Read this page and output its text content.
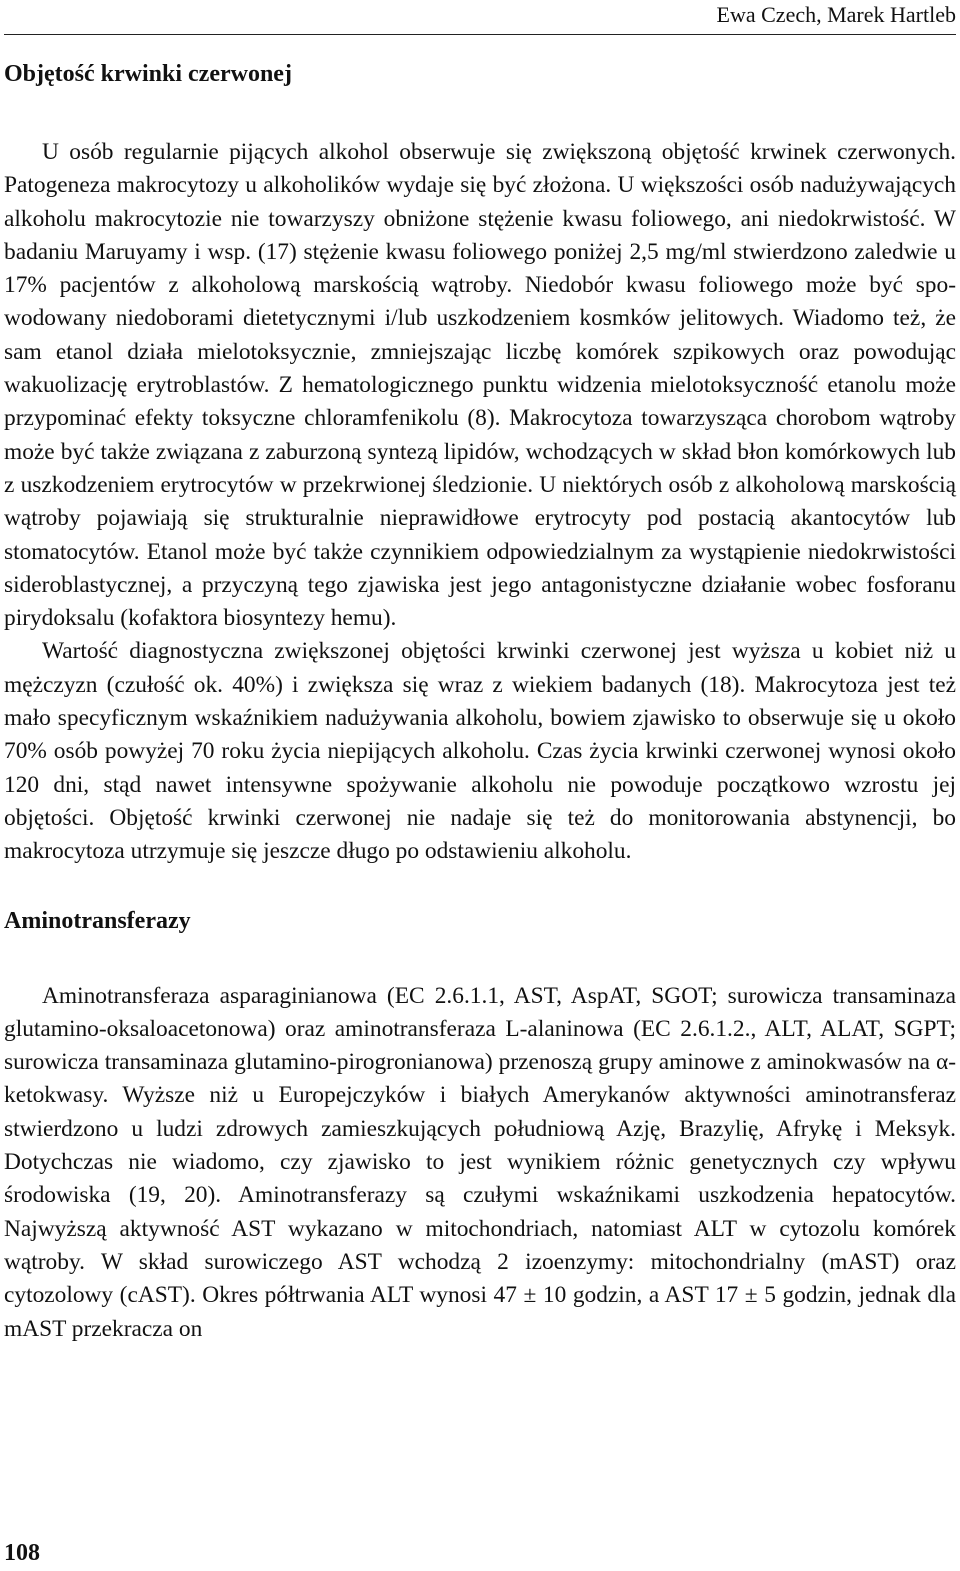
Ewa Czech, Marek Hartleb
Objętość krwinki czerwonej

U osób regularnie pijących alkohol obserwuje się zwiększoną objętość krwinek czerwonych. Patogeneza makrocytozy u alkoholików wydaje się być złożona. U większości osób nadużywających alkoholu makrocytozie nie towarzyszy obniżone stężenie kwasu foliowego, ani niedokrwistość. W badaniu Maruyamy i wsp. (17) stężenie kwasu foliowego poniżej 2,5 mg/ml stwierdzono zaledwie u 17% pacjentów z alkoholową marskością wątroby. Niedobór kwasu foliowego może być spowodowany niedoborami dietetycznymi i/lub uszkodzeniem kosmków jelitowych. Wiadomo też, że sam etanol działa mielotoksycznie, zmniejszając liczbę komórek szpikowych oraz powodując wakuolizację erytroblastów. Z hematologicznego punktu widzenia mielotoksyczność etanolu może przypominać efekty toksyczne chloramfenikolu (8). Makrocytoza towarzysząca chorobom wątroby może być także związana z zaburzoną syntezą lipidów, wchodzących w skład błon komórkowych lub z uszkodzeniem erytrocytów w przekrwionej śledzionie. U niektórych osób z alkoholową marskością wątroby pojawiają się strukturalnie nieprawidłowe erytrocyty pod postacią akantocytów lub stomatocytów. Etanol może być także czynnikiem odpowiedzialnym za wystąpienie niedokrwistości sideroblastycznej, a przyczyną tego zjawiska jest jego antagonistyczne działanie wobec fosforanu pirydoksalu (kofaktora biosyntezy hemu).

Wartość diagnostyczna zwiększonej objętości krwinki czerwonej jest wyższa u kobiet niż u mężczyzn (czułość ok. 40%) i zwiększa się wraz z wiekiem badanych (18). Makrocytoza jest też mało specyficznym wskaźnikiem nadużywania alkoholu, bowiem zjawisko to obserwuje się u około 70% osób powyżej 70 roku życia niepijących alkoholu. Czas życia krwinki czerwonej wynosi około 120 dni, stąd nawet intensywne spożywanie alkoholu nie powoduje początkowo wzrostu jej objętości. Objętość krwinki czerwonej nie nadaje się też do monitorowania abstynencji, bo makrocytoza utrzymuje się jeszcze długo po odstawieniu alkoholu.

Aminotransferazy

Aminotransferaza asparaginianowa (EC 2.6.1.1, AST, AspAT, SGOT; surowicza transaminaza glutamino-oksaloacetonowa) oraz aminotransferaza L-alaninowa (EC 2.6.1.2., ALT, ALAT, SGPT; surowicza transaminaza glutamino-pirogronianowa) przenoszą grupy aminowe z aminokwasów na α-ketokwasy. Wyższe niż u Europejczyków i białych Amerykanów aktywności aminotransferaz stwierdzono u ludzi zdrowych zamieszkujących południową Azję, Brazylię, Afrykę i Meksyk. Dotychczas nie wiadomo, czy zjawisko to jest wynikiem różnic genetycznych czy wpływu środowiska (19, 20). Aminotransferazy są czułymi wskaźnikami uszkodzenia hepatocytów. Najwyższą aktywność AST wykazano w mitochondriach, natomiast ALT w cytozolu komórek wątroby. W skład surowiczego AST wchodzą 2 izoenzymy: mitochondrialny (mAST) oraz cytozolowy (cAST). Okres półtrwania ALT wynosi 47 ± 10 godzin, a AST 17 ± 5 godzin, jednak dla mAST przekracza on

108
